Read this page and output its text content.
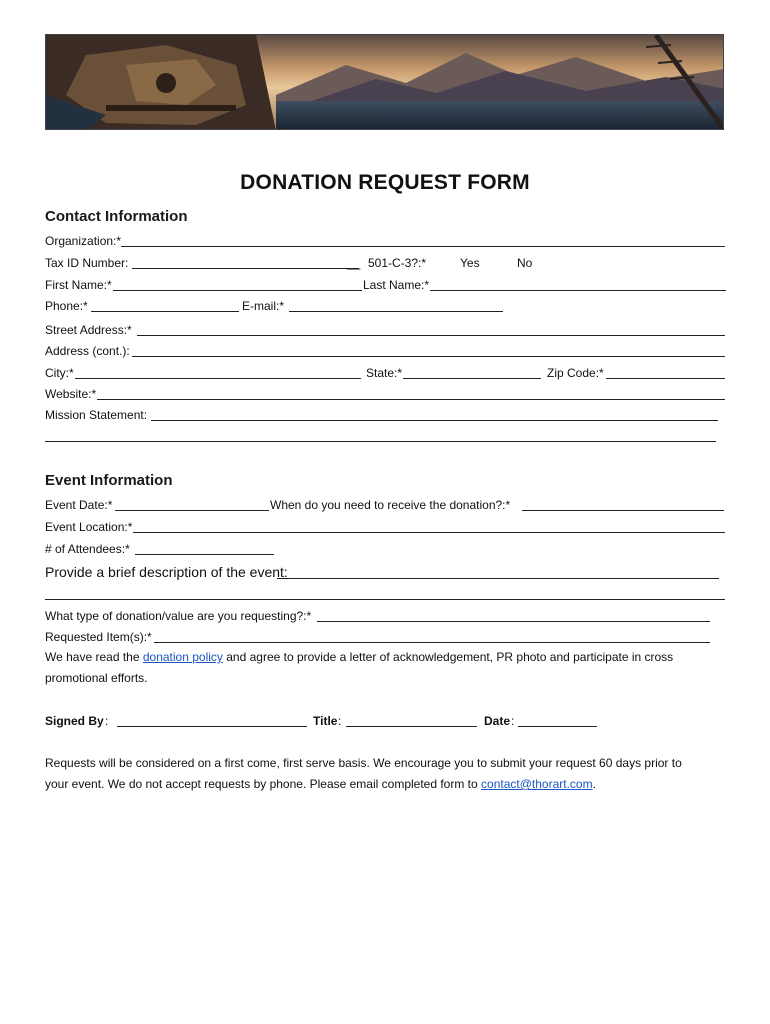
DONATION REQUEST FORM
Contact Information
Organization:*
Tax ID Number:	__ 501-C-3?:*	Yes	No
First Name:*	Last Name:*
Phone:*	E-mail:*
Street Address:*
Address (cont.):
City:*	State:*	Zip Code:*
Website:*
Mission Statement:
Event Information
Event Date:*	When do you need to receive the donation?:*
Event Location:*
# of Attendees:*
Provide a brief description of the event:
What type of donation/value are you requesting?:*
Requested Item(s):*
We have read the donation policy and agree to provide a letter of acknowledgement, PR photo and participate in cross
promotional efforts.
Signed By :	Title :	Date :
Requests will be considered on a first come, first serve basis. We encourage you to submit your request 60 days prior to
your event. We do not accept requests by phone. Please email completed form to contact@thorart.com.
